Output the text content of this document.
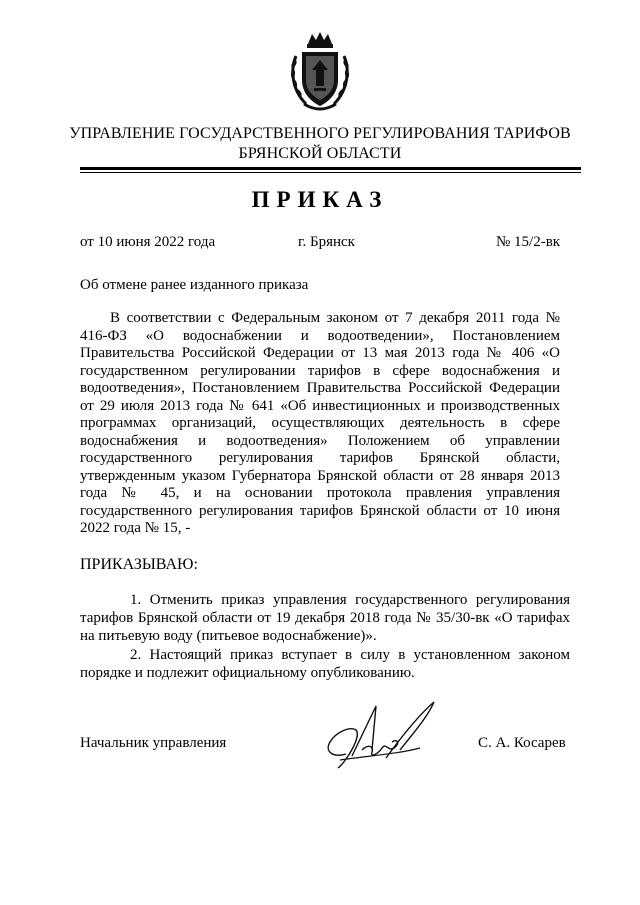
УПРАВЛЕНИЕ ГОСУДАРСТВЕННОГО РЕГУЛИРОВАНИЯ ТАРИФОВ
БРЯНСКОЙ ОБЛАСТИ
ПРИКАЗ
от 10 июня 2022 года	г. Брянск	№ 15/2-вк
Об отмене ранее изданного приказа

В соответствии с Федеральным законом от 7 декабря 2011 года № 416-ФЗ «О водоснабжении и водоотведении», Постановлением Правительства Российской Федерации от 13 мая 2013 года № 406 «О государственном регулировании тарифов в сфере водоснабжения и водоотведения», Постановлением Правительства Российской Федерации от 29 июля 2013 года № 641 «Об инвестиционных и производственных программах организаций, осуществляющих деятельность в сфере водоснабжения и водоотведения» Положением об управлении государственного регулирования тарифов Брянской области, утвержденным указом Губернатора Брянской области от 28 января 2013 года № 45, и на основании протокола правления управления государственного регулирования тарифов Брянской области от 10 июня 2022 года № 15, -

ПРИКАЗЫВАЮ:

1. Отменить приказ управления государственного регулирования тарифов Брянской области от 19 декабря 2018 года № 35/30-вк «О тарифах на питьевую воду (питьевое водоснабжение)».

2. Настоящий приказ вступает в силу в установленном законом порядке и подлежит официальному опубликованию.

Начальник управления	С. А. Косарев
